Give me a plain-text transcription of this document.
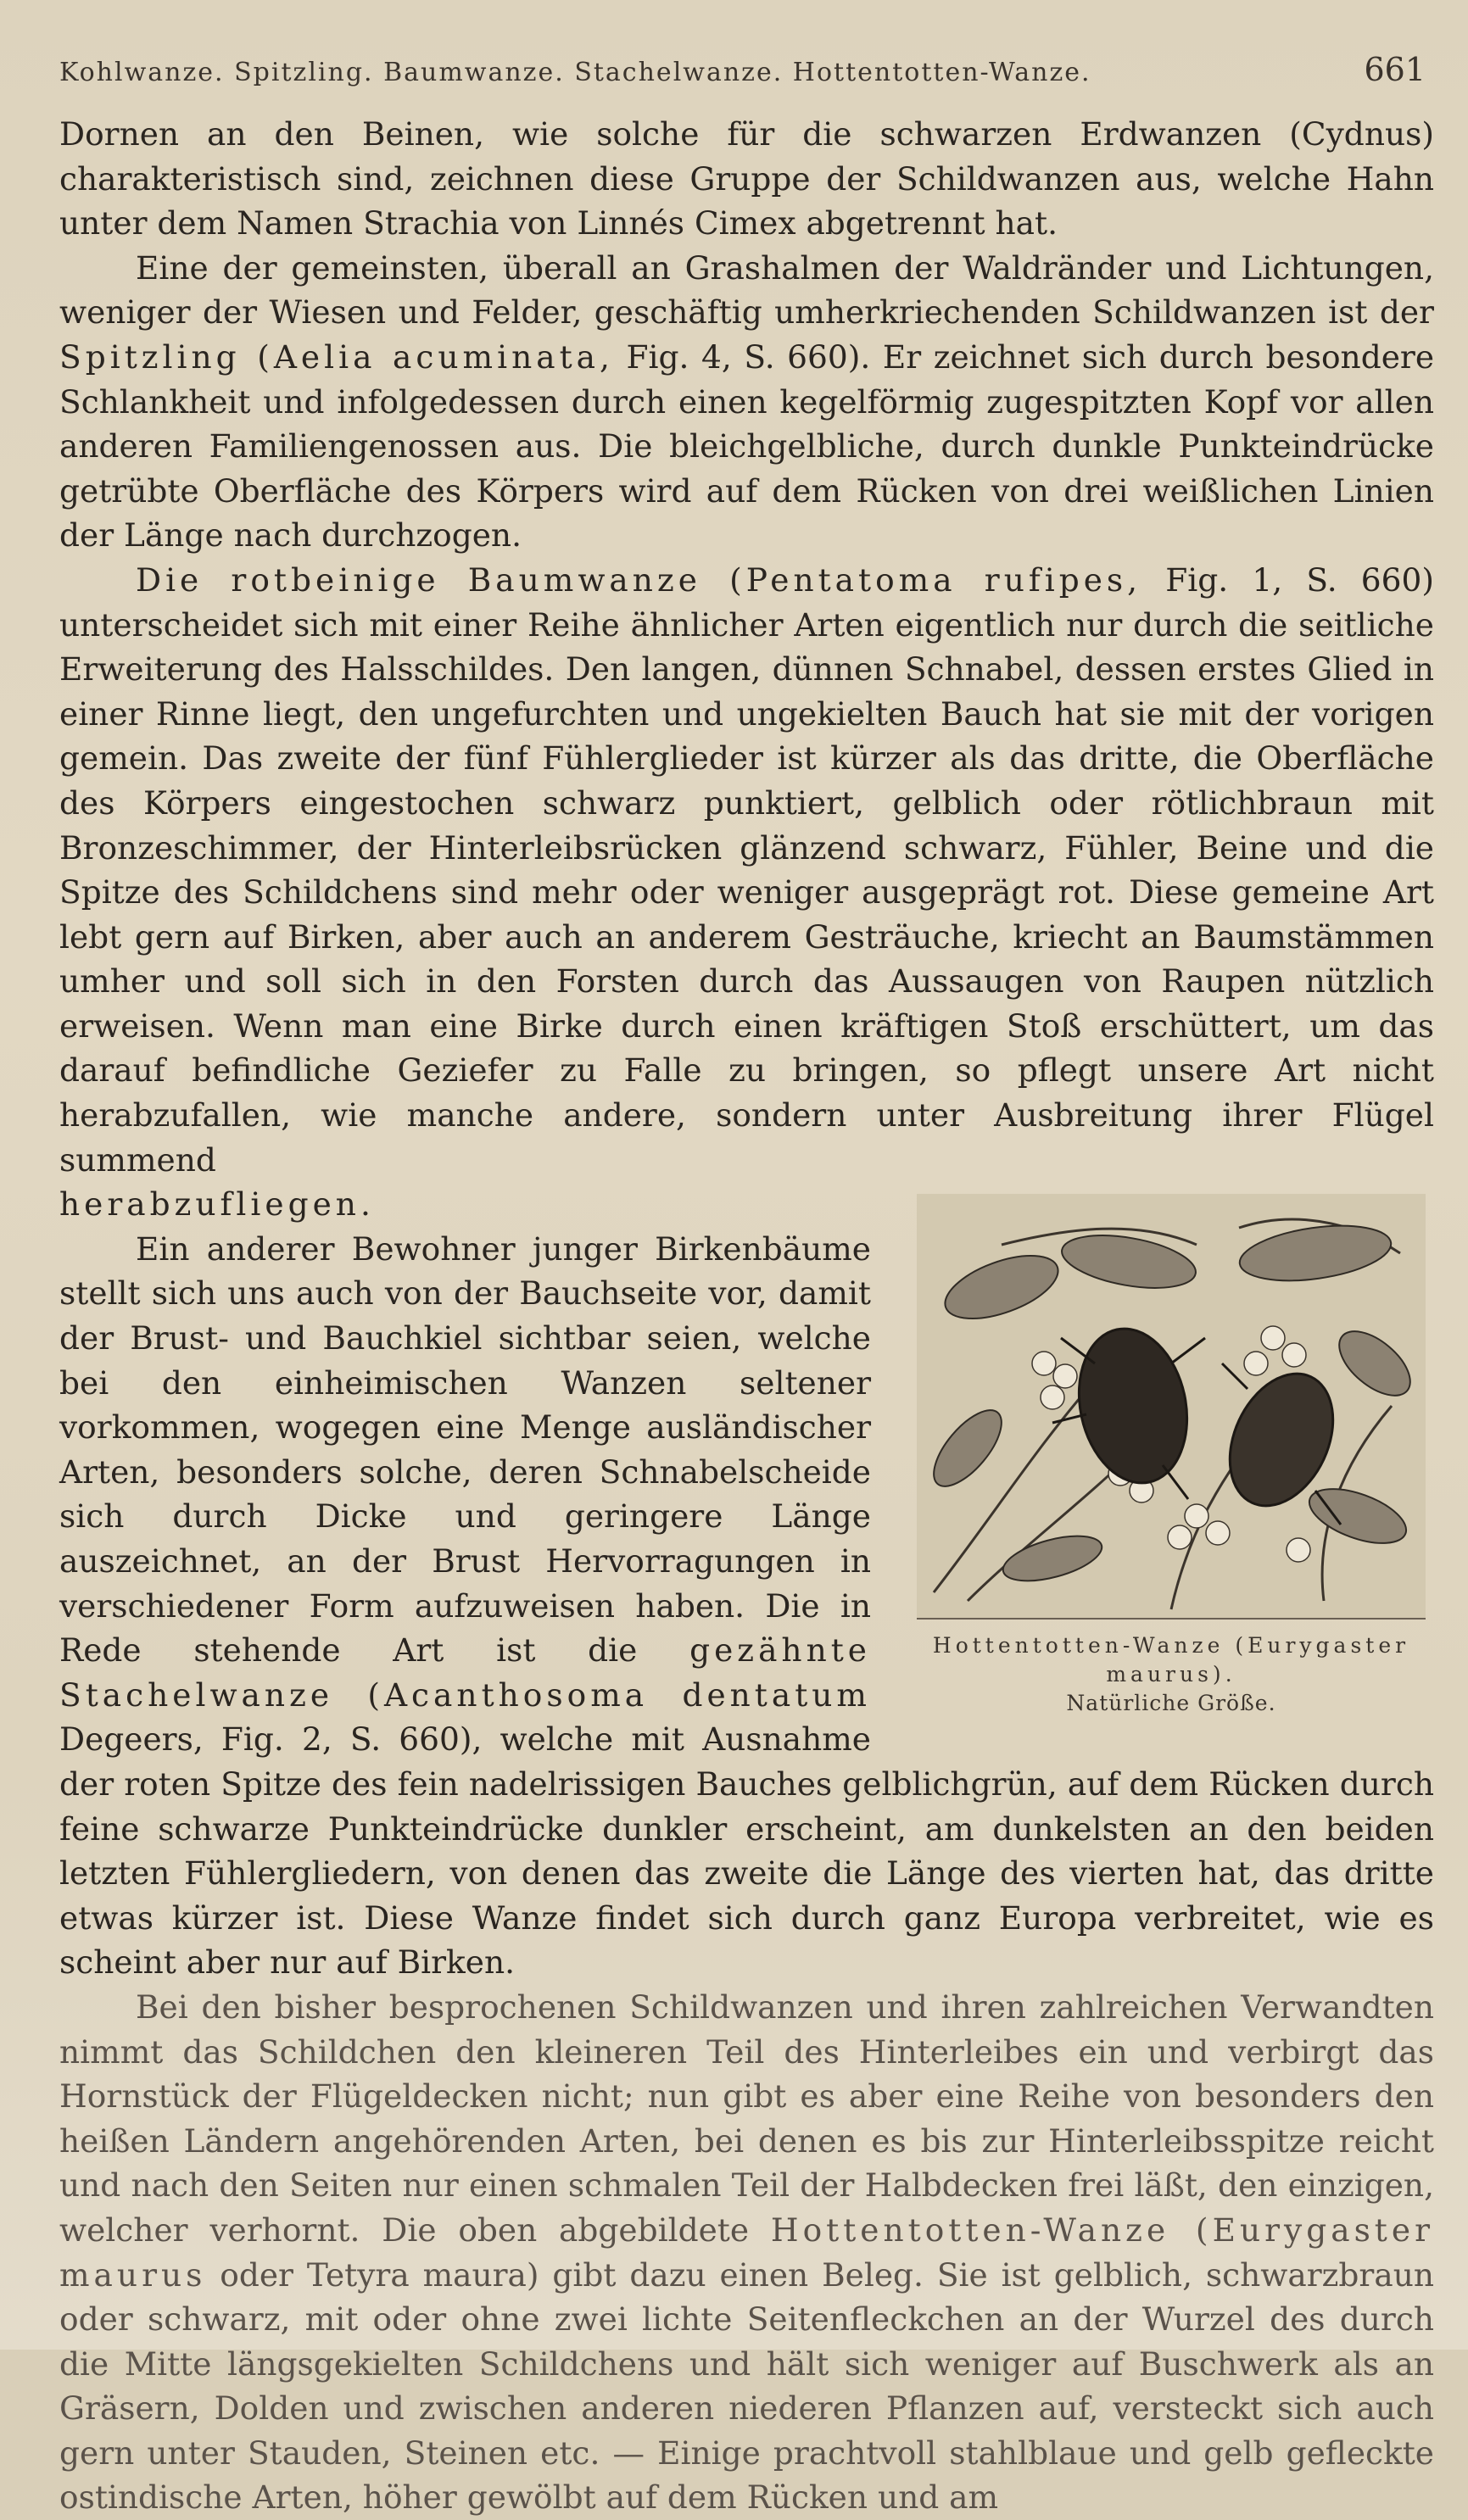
Kohlwanze. Spitzling. Baumwanze. Stachelwanze. Hottentotten-Wanze.	661

Dornen an den Beinen, wie solche für die schwarzen Erdwanzen (Cydnus) charakteristisch sind, zeichnen diese Gruppe der Schildwanzen aus, welche Hahn unter dem Namen Strachia von Linnés Cimex abgetrennt hat.

Eine der gemeinsten, überall an Grashalmen der Waldränder und Lichtungen, weniger der Wiesen und Felder, geschäftig umherkriechenden Schildwanzen ist der Spitzling (Aelia acuminata, Fig. 4, S. 660). Er zeichnet sich durch besondere Schlankheit und infolgedessen durch einen kegelförmig zugespitzten Kopf vor allen anderen Familiengenossen aus. Die bleichgelbliche, durch dunkle Punkteindrücke getrübte Oberfläche des Körpers wird auf dem Rücken von drei weißlichen Linien der Länge nach durchzogen.

Die rotbeinige Baumwanze (Pentatoma rufipes, Fig. 1, S. 660) unterscheidet sich mit einer Reihe ähnlicher Arten eigentlich nur durch die seitliche Erweiterung des Halsschildes. Den langen, dünnen Schnabel, dessen erstes Glied in einer Rinne liegt, den ungefurchten und ungekielten Bauch hat sie mit der vorigen gemein. Das zweite der fünf Fühlerglieder ist kürzer als das dritte, die Oberfläche des Körpers eingestochen schwarz punktiert, gelblich oder rötlichbraun mit Bronzeschimmer, der Hinterleibsrücken glänzend schwarz, Fühler, Beine und die Spitze des Schildchens sind mehr oder weniger ausgeprägt rot. Diese gemeine Art lebt gern auf Birken, aber auch an anderem Gesträuche, kriecht an Baumstämmen umher und soll sich in den Forsten durch das Aussaugen von Raupen nützlich erweisen. Wenn man eine Birke durch einen kräftigen Stoß erschüttert, um das darauf befindliche Geziefer zu Falle zu bringen, so pflegt unsere Art nicht herabzufallen, wie manche andere, sondern unter Ausbreitung ihrer Flügel summend

Hottentotten-Wanze (Eurygaster maurus).
Natürliche Größe.
herabzufliegen.

Ein anderer Bewohner junger Birkenbäume stellt sich uns auch von der Bauchseite vor, damit der Brust- und Bauchkiel sichtbar seien, welche bei den einheimischen Wanzen seltener vorkommen, wogegen eine Menge ausländischer Arten, besonders solche, deren Schnabelscheide sich durch Dicke und geringere Länge auszeichnet, an der Brust Hervorragungen in verschiedener Form aufzuweisen haben. Die in Rede stehende Art ist die gezähnte Stachelwanze (Acanthosoma dentatum Degeers, Fig. 2, S. 660), welche mit Ausnahme der roten Spitze des fein nadelrissigen Bauches gelblichgrün, auf dem Rücken durch feine schwarze Punkteindrücke dunkler erscheint, am dunkelsten an den beiden letzten Fühlergliedern, von denen das zweite die Länge des vierten hat, das dritte etwas kürzer ist. Diese Wanze findet sich durch ganz Europa verbreitet, wie es scheint aber nur auf Birken.

Bei den bisher besprochenen Schildwanzen und ihren zahlreichen Verwandten nimmt das Schildchen den kleineren Teil des Hinterleibes ein und verbirgt das Hornstück der Flügeldecken nicht; nun gibt es aber eine Reihe von besonders den heißen Ländern angehörenden Arten, bei denen es bis zur Hinterleibsspitze reicht und nach den Seiten nur einen schmalen Teil der Halbdecken frei läßt, den einzigen, welcher verhornt. Die oben abgebildete Hottentotten-Wanze (Eurygaster maurus oder Tetyra maura) gibt dazu einen Beleg. Sie ist gelblich, schwarzbraun oder schwarz, mit oder ohne zwei lichte Seitenfleckchen an der Wurzel des durch die Mitte längsgekielten Schildchens und hält sich weniger auf Buschwerk als an Gräsern, Dolden und zwischen anderen niederen Pflanzen auf, versteckt sich auch gern unter Stauden, Steinen etc. — Einige prachtvoll stahlblaue und gelb gefleckte ostindische Arten, höher gewölbt auf dem Rücken und am
